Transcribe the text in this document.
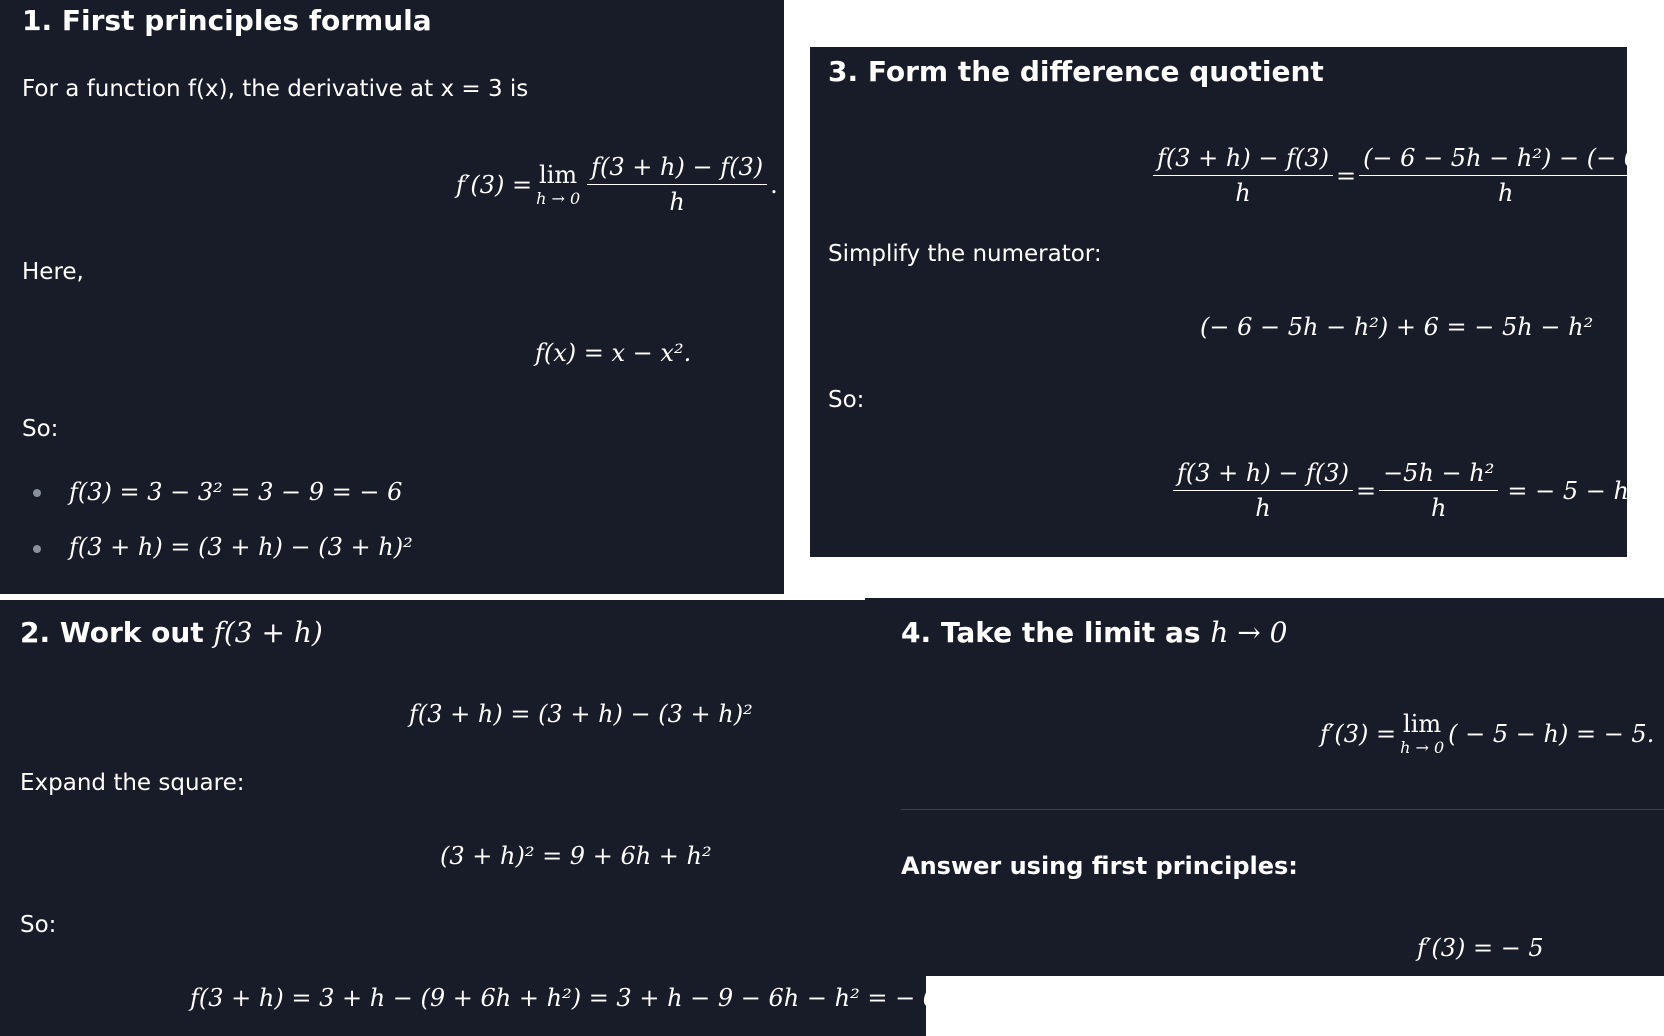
1. First principles formula
For a function f(x), the derivative at x = 3 is
f′(3) = lim
$h \to 0 \frac{f(3 + h) - f(3)}{h}$ .
Here,
f(x) = x − x².
So:
f(3) = 3 − 3² = 3 − 9 = − 6
f(3 + h) = (3 + h) − (3 + h)²
2. Work out f(3 + h)
f(3 + h) = (3 + h) − (3 + h)²
Expand the square:
(3 + h)² = 9 + 6h + h²
So:
f(3 + h) = 3 + h − (9 + 6h + h²) = 3 + h − 9 − 6h − h² = − 6 − 5h − h²
3. Form the difference quotient
$\frac{f(3 + h) - f(3)}{h} = \frac{\text{(− 6 − 5h − h²) − (− 6)}}{h}$
Simplify the numerator:
(− 6 − 5h − h²) + 6 = − 5h − h²
So:
$\frac{f(3 + h) - f(3)}{h} = \frac{\text{−5h − h²}}{h}$ = − 5 − h
4. Take the limit as h → 0
f′(3) = lim
h → 0 ( − 5 − h) = − 5.
Answer using first principles:
f′(3) = − 5
